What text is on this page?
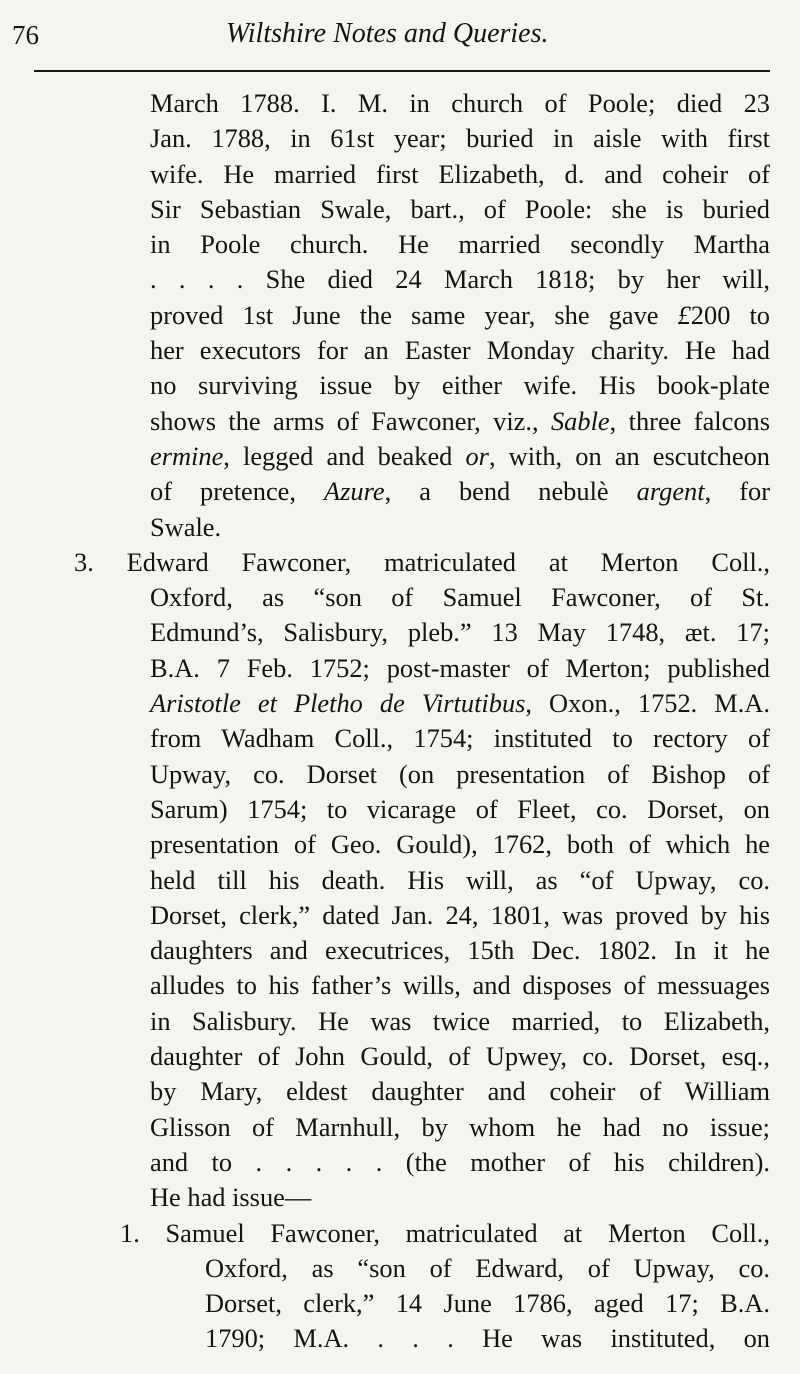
76	Wiltshire Notes and Queries.
March 1788. I. M. in church of Poole; died 23
Jan. 1788, in 61st year; buried in aisle with first
wife. He married first Elizabeth, d. and coheir of
Sir Sebastian Swale, bart., of Poole: she is buried
in Poole church. He married secondly Martha
. . . . She died 24 March 1818; by her will,
proved 1st June the same year, she gave £200 to
her executors for an Easter Monday charity. He had
no surviving issue by either wife. His book-plate
shows the arms of Fawconer, viz., Sable, three falcons
ermine, legged and beaked or, with, on an escutcheon
of pretence, Azure, a bend nebulè argent, for
Swale.
3. Edward Fawconer, matriculated at Merton Coll.,
Oxford, as “son of Samuel Fawconer, of St.
Edmund’s, Salisbury, pleb.” 13 May 1748, æt. 17;
B.A. 7 Feb. 1752; post-master of Merton; published
Aristotle et Pletho de Virtutibus, Oxon., 1752. M.A.
from Wadham Coll., 1754; instituted to rectory of
Upway, co. Dorset (on presentation of Bishop of
Sarum) 1754; to vicarage of Fleet, co. Dorset, on
presentation of Geo. Gould), 1762, both of which he
held till his death. His will, as “of Upway, co.
Dorset, clerk,” dated Jan. 24, 1801, was proved by his
daughters and executrices, 15th Dec. 1802. In it he
alludes to his father’s wills, and disposes of messuages
in Salisbury. He was twice married, to Elizabeth,
daughter of John Gould, of Upwey, co. Dorset, esq.,
by Mary, eldest daughter and coheir of William
Glisson of Marnhull, by whom he had no issue;
and to . . . . . (the mother of his children).
He had issue—
1. Samuel Fawconer, matriculated at Merton Coll.,
Oxford, as “son of Edward, of Upway, co.
Dorset, clerk,” 14 June 1786, aged 17; B.A.
1790; M.A. . . . He was instituted, on
